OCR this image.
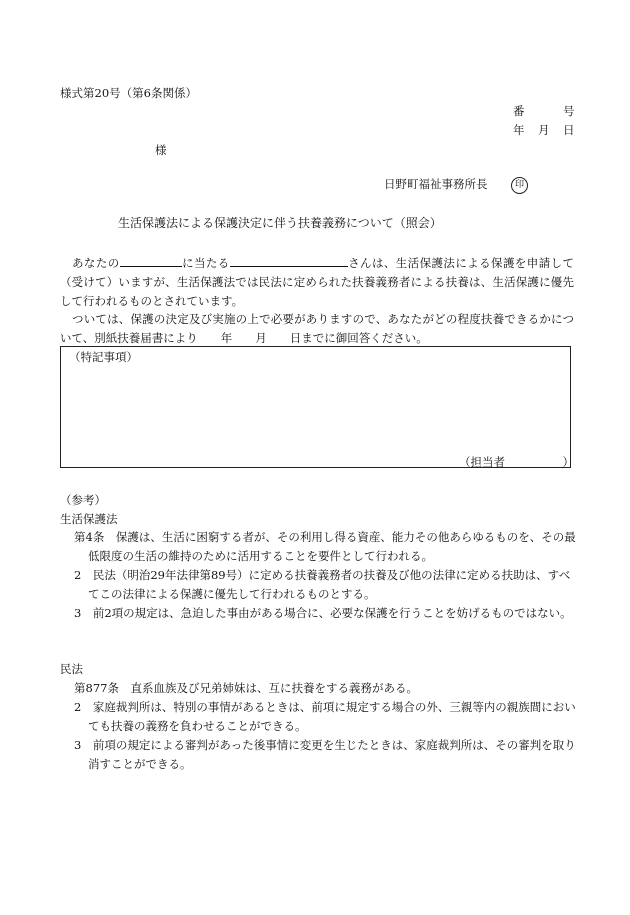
様式第20号（第6条関係）
番	号
年 月 日
様
日野町福祉事務所長	印
生活保護法による保護決定に伴う扶養義務について（照会）
あなたの	に当たる	さんは、生活保護法による保護を申請して（受けて）いますが、生活保護法では民法に定められた扶養義務者による扶養は、生活保護に優先して行われるものとされています。
ついては、保護の決定及び実施の上で必要がありますので、あなたがどの程度扶養できるかについて、別紙扶養届書により　　年　　月　　日までに御回答ください。
（特記事項）
（担当者　　　　　）
（参考）
生活保護法
第4条　保護は、生活に困窮する者が、その利用し得る資産、能力その他あらゆるものを、その最低限度の生活の維持のために活用することを要件として行われる。
2　民法（明治29年法律第89号）に定める扶養義務者の扶養及び他の法律に定める扶助は、すべてこの法律による保護に優先して行われるものとする。
3　前2項の規定は、急迫した事由がある場合に、必要な保護を行うことを妨げるものではない。
民法
第877条　直系血族及び兄弟姉妹は、互に扶養をする義務がある。
2　家庭裁判所は、特別の事情があるときは、前項に規定する場合の外、三親等内の親族間においても扶養の義務を負わせることができる。
3　前項の規定による審判があった後事情に変更を生じたときは、家庭裁判所は、その審判を取り消すことができる。
